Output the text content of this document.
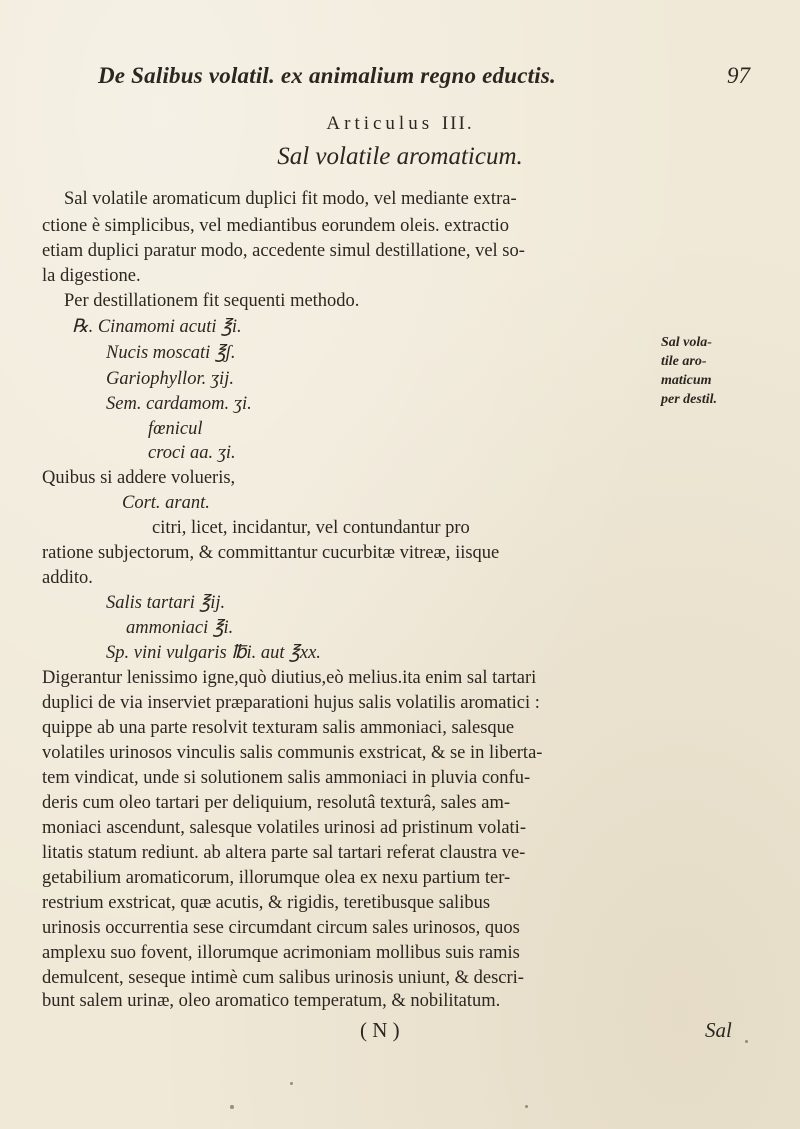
De Salibus volatil. ex animalium regno eductis.	97
Articulus III.
Sal volatile aromaticum.
Sal vola-
tile aro-
maticum
per destil.
Sal volatile aromaticum duplici fit modo, vel mediante extra-
ctione è simplicibus, vel mediantibus eorundem oleis. extractio
etiam duplici paratur modo, accedente simul destillatione, vel so-
la digestione.
Per destillationem fit sequenti methodo.
℞. Cinamomi acuti ℥i.
Nucis moscati ℥ʃ.
Gariophyllor. ʒij.
Sem. cardamom. ʒi.
fœnicul
croci aa. ʒi.
Quibus si addere volueris,
Cort. arant.
citri, licet, incidantur, vel contundantur pro
ratione subjectorum, & committantur cucurbitæ vitreæ, iisque
addito.
Salis tartari ℥ij.
ammoniaci ℥i.
Sp. vini vulgaris ℔i. aut ℥xx.
Digerantur lenissimo igne,quò diutius,eò melius.ita enim sal tartari
duplici de via inserviet præparationi hujus salis volatilis aromatici :
quippe ab una parte resolvit texturam salis ammoniaci, salesque
volatiles urinosos vinculis salis communis exstricat, & se in liberta-
tem vindicat, unde si solutionem salis ammoniaci in pluvia confu-
deris cum oleo tartari per deliquium, resolutâ texturâ, sales am-
moniaci ascendunt, salesque volatiles urinosi ad pristinum volati-
litatis statum rediunt. ab altera parte sal tartari referat claustra ve-
getabilium aromaticorum, illorumque olea ex nexu partium ter-
restrium exstricat, quæ acutis, & rigidis, teretibusque salibus
urinosis occurrentia sese circumdant circum sales urinosos, quos
amplexu suo fovent, illorumque acrimoniam mollibus suis ramis
demulcent, seseque intimè cum salibus urinosis uniunt, & descri-
bunt salem urinæ, oleo aromatico temperatum, & nobilitatum.
( N )	Sal
